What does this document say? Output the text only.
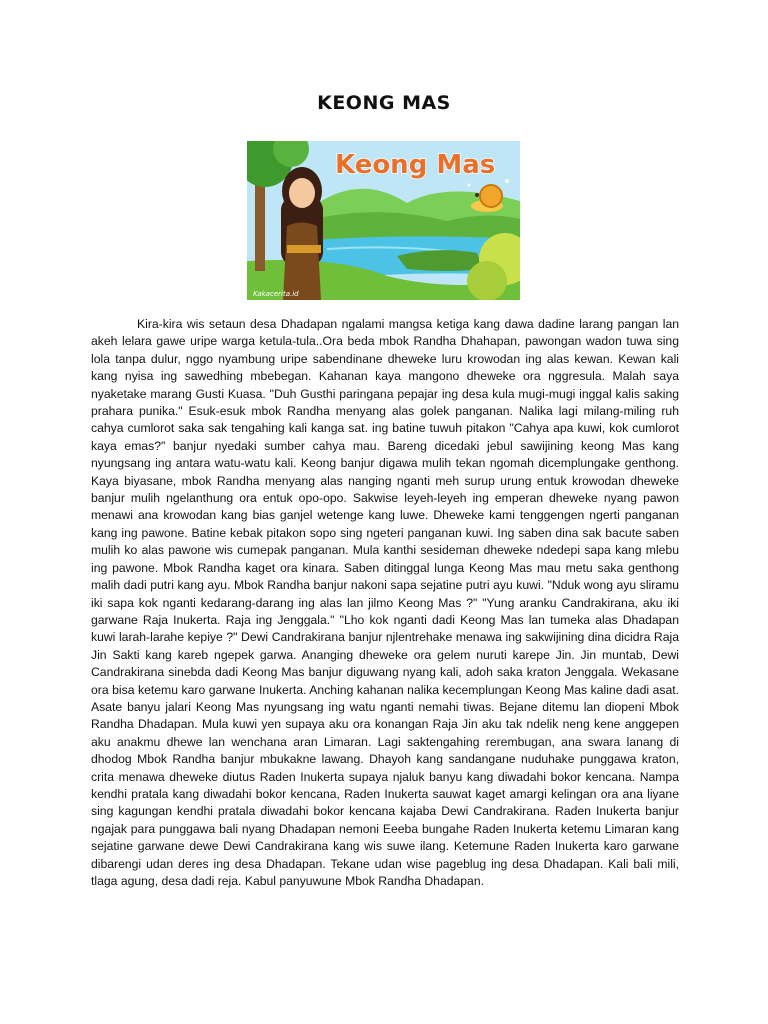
KEONG MAS
Keong Mas
Kakacerita.id

Kira-kira wis setaun desa Dhadapan ngalami mangsa ketiga kang dawa dadine larang pangan lan akeh lelara gawe uripe warga ketula-tula..Ora beda mbok Randha Dhahapan, pawongan wadon tuwa sing lola tanpa dulur, nggo nyambung uripe sabendinane dheweke luru krowodan ing alas kewan. Kewan kali kang nyisa ing sawedhing mbebegan. Kahanan kaya mangono dheweke ora nggresula. Malah saya nyaketake marang Gusti Kuasa. "Duh Gusthi paringana pepajar ing desa kula mugi-mugi inggal kalis saking prahara punika." Esuk-esuk mbok Randha menyang alas golek panganan. Nalika lagi milang-miling ruh cahya cumlorot saka sak tengahing kali kanga sat. ing batine tuwuh pitakon "Cahya apa kuwi, kok cumlorot kaya emas?" banjur nyedaki sumber cahya mau. Bareng dicedaki jebul sawijining keong Mas kang nyungsang ing antara watu-watu kali. Keong banjur digawa mulih tekan ngomah dicemplungake genthong. Kaya biyasane, mbok Randha menyang alas nanging nganti meh surup urung entuk krowodan dheweke banjur mulih ngelanthung ora entuk opo-opo. Sakwise leyeh-leyeh ing emperan dheweke nyang pawon menawi ana krowodan kang bias ganjel wetenge kang luwe. Dheweke kami tenggengen ngerti panganan kang ing pawone. Batine kebak pitakon sopo sing ngeteri panganan kuwi. Ing saben dina sak bacute saben mulih ko alas pawone wis cumepak panganan. Mula kanthi sesideman dheweke ndedepi sapa kang mlebu ing pawone. Mbok Randha kaget ora kinara. Saben ditinggal lunga Keong Mas mau metu saka genthong malih dadi putri kang ayu. Mbok Randha banjur nakoni sapa sejatine putri ayu kuwi. "Nduk wong ayu sliramu iki sapa kok nganti kedarang-darang ing alas lan jilmo Keong Mas ?" "Yung aranku Candrakirana, aku iki garwane Raja Inukerta. Raja ing Jenggala." "Lho kok nganti dadi Keong Mas lan tumeka alas Dhadapan kuwi larah-larahe kepiye ?" Dewi Candrakirana banjur njlentrehake menawa ing sakwijining dina dicidra Raja Jin Sakti kang kareb ngepek garwa. Ananging dheweke ora gelem nuruti karepe Jin. Jin muntab, Dewi Candrakirana sinebda dadi Keong Mas banjur diguwang nyang kali, adoh saka kraton Jenggala. Wekasane ora bisa ketemu karo garwane Inukerta. Anching kahanan nalika kecemplungan Keong Mas kaline dadi asat. Asate banyu jalari Keong Mas nyungsang ing watu nganti nemahi tiwas. Bejane ditemu lan diopeni Mbok Randha Dhadapan. Mula kuwi yen supaya aku ora konangan Raja Jin aku tak ndelik neng kene anggepen aku anakmu dhewe lan wenchana aran Limaran. Lagi saktengahing rerembugan, ana swara lanang di dhodog Mbok Randha banjur mbukakne lawang. Dhayoh kang sandangane nuduhake punggawa kraton, crita menawa dheweke diutus Raden Inukerta supaya njaluk banyu kang diwadahi bokor kencana. Nampa kendhi pratala kang diwadahi bokor kencana, Raden Inukerta sauwat kaget amargi kelingan ora ana liyane sing kagungan kendhi pratala diwadahi bokor kencana kajaba Dewi Candrakirana. Raden Inukerta banjur ngajak para punggawa bali nyang Dhadapan nemoni Eeeba bungahe Raden Inukerta ketemu Limaran kang sejatine garwane dewe Dewi Candrakirana kang wis suwe ilang. Ketemune Raden Inukerta karo garwane dibarengi udan deres ing desa Dhadapan. Tekane udan wise pageblug ing desa Dhadapan. Kali bali mili, tlaga agung, desa dadi reja. Kabul panyuwune Mbok Randha Dhadapan.
